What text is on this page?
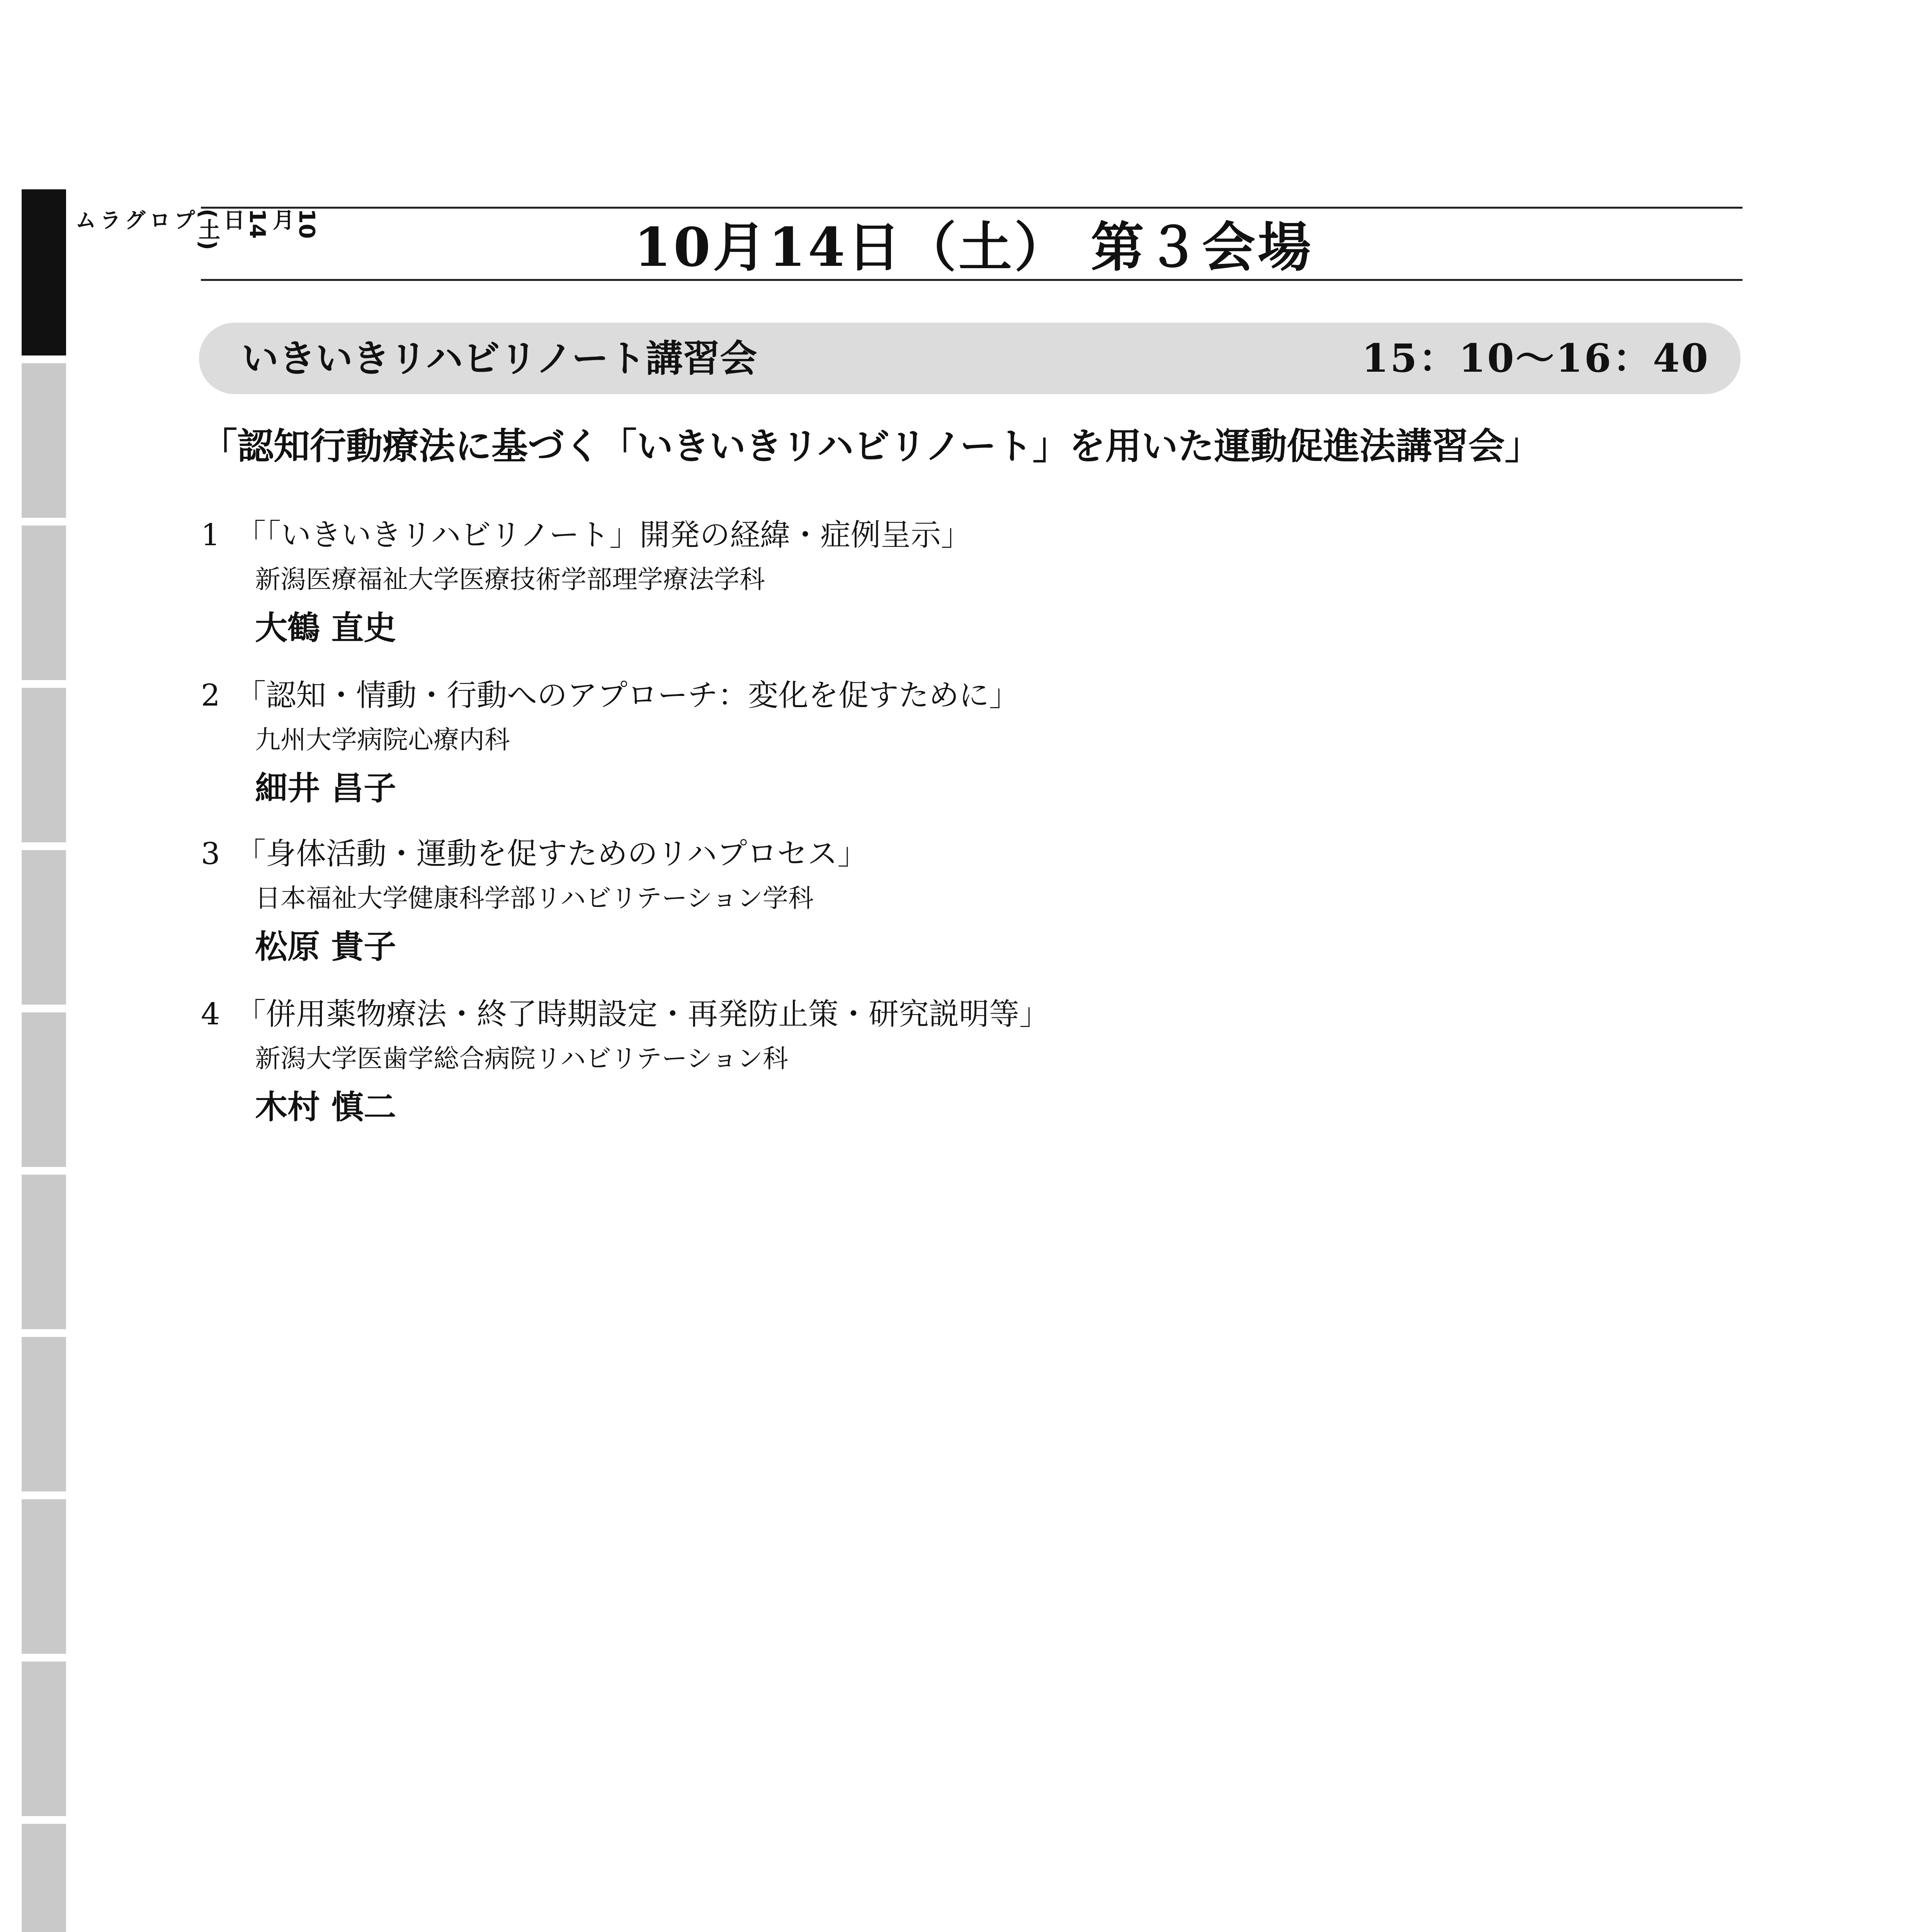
10
月
14
日
(土)
プ
ロ
グ
ラ
ム	10月14日（土） 第３会場
いきいきリハビリノート講習会	15：10～16：40
「認知行動療法に基づく「いきいきリハビリノート」を用いた運動促進法講習会」
1 「「いきいきリハビリノート」開発の経緯・症例呈示」
新潟医療福祉大学医療技術学部理学療法学科
大鶴 直史
2 「認知・情動・行動へのアプローチ：変化を促すために」
九州大学病院心療内科
細井 昌子
3 「身体活動・運動を促すためのリハプロセス」
日本福祉大学健康科学部リハビリテーション学科
松原 貴子
4 「併用薬物療法・終了時期設定・再発防止策・研究説明等」
新潟大学医歯学総合病院リハビリテーション科
木村 慎二
